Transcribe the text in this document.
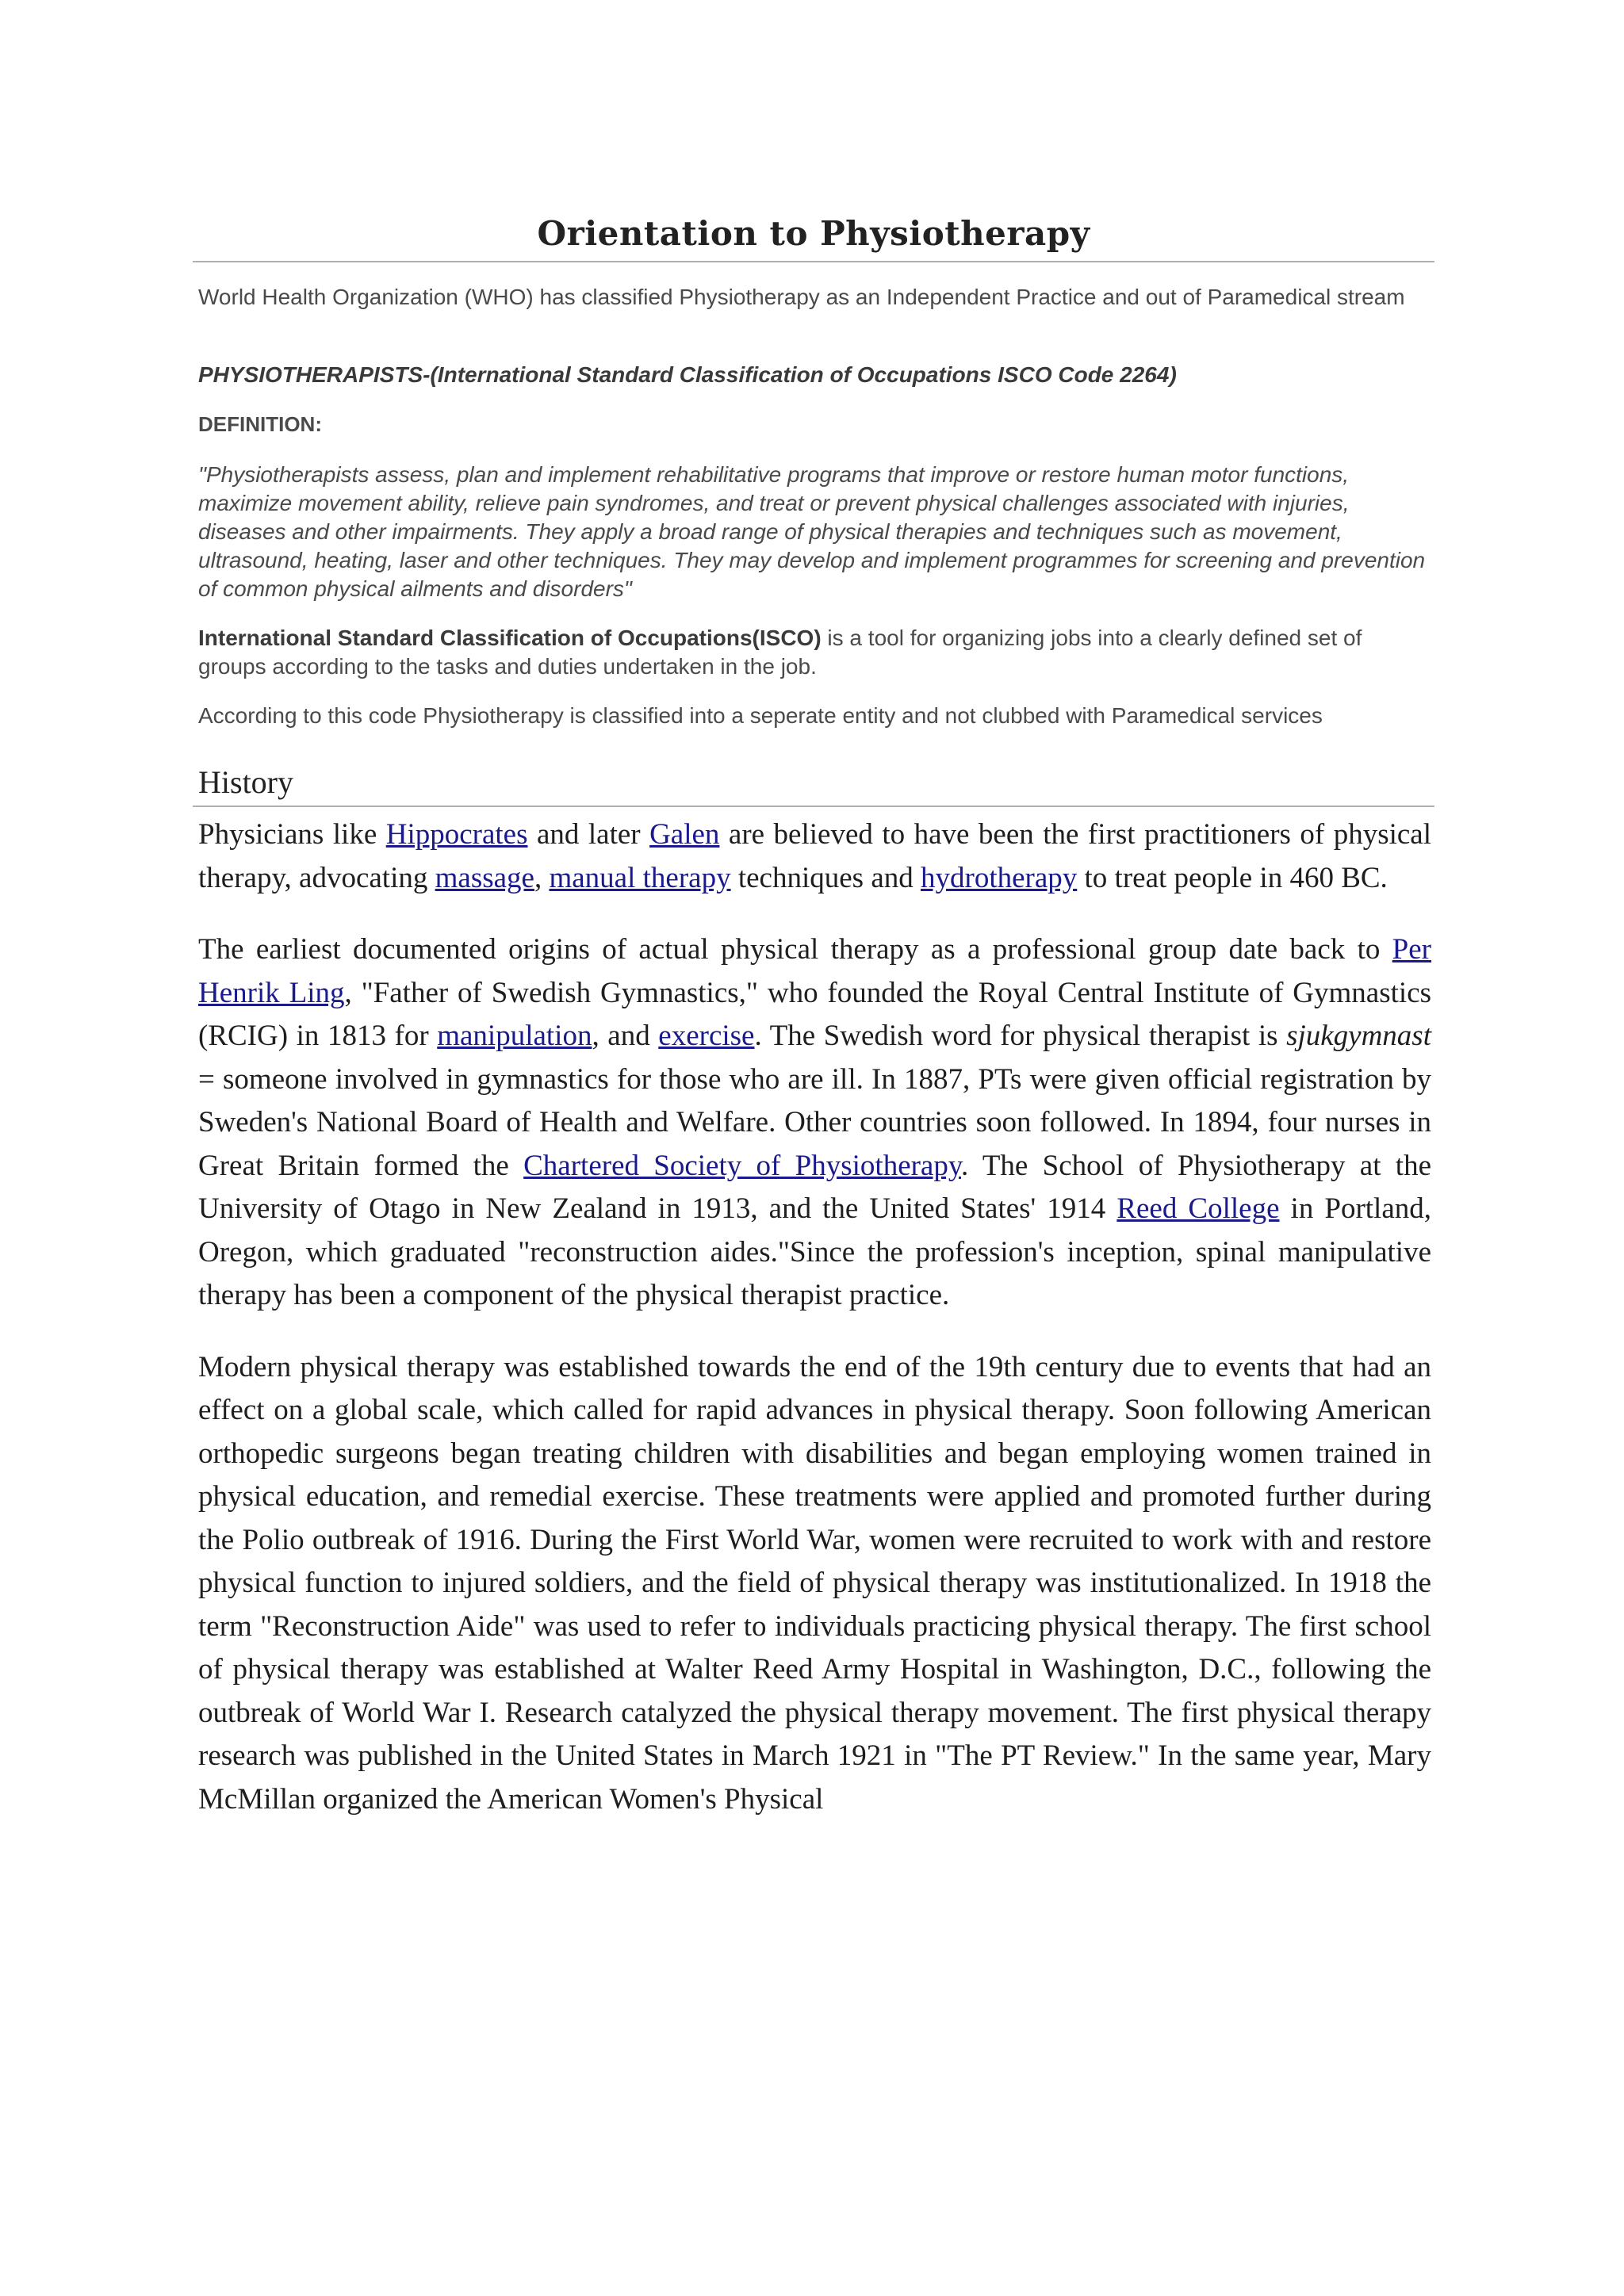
Orientation to Physiotherapy
World Health Organization (WHO) has classified Physiotherapy as an Independent Practice and out of Paramedical stream
PHYSIOTHERAPISTS-(International Standard Classification of Occupations ISCO Code 2264)
DEFINITION:
"Physiotherapists assess, plan and implement rehabilitative programs that improve or restore human motor functions, maximize movement ability, relieve pain syndromes, and treat or prevent physical challenges associated with injuries, diseases and other impairments. They apply a broad range of physical therapies and techniques such as movement, ultrasound, heating, laser and other techniques. They may develop and implement programmes for screening and prevention of common physical ailments and disorders"
International Standard Classification of Occupations(ISCO) is a tool for organizing jobs into a clearly defined set of groups according to the tasks and duties undertaken in the job.
According to this code Physiotherapy is classified into a seperate entity and not clubbed with Paramedical services
History

Physicians like Hippocrates and later Galen are believed to have been the first practitioners of physical therapy, advocating massage, manual therapy techniques and hydrotherapy to treat people in 460 BC.

The earliest documented origins of actual physical therapy as a professional group date back to Per Henrik Ling, "Father of Swedish Gymnastics," who founded the Royal Central Institute of Gymnastics (RCIG) in 1813 for manipulation, and exercise. The Swedish word for physical therapist is sjukgymnast = someone involved in gymnastics for those who are ill. In 1887, PTs were given official registration by Sweden's National Board of Health and Welfare. Other countries soon followed. In 1894, four nurses in Great Britain formed the Chartered Society of Physiotherapy. The School of Physiotherapy at the University of Otago in New Zealand in 1913, and the United States' 1914 Reed College in Portland, Oregon, which graduated "reconstruction aides."Since the profession's inception, spinal manipulative therapy has been a component of the physical therapist practice.

Modern physical therapy was established towards the end of the 19th century due to events that had an effect on a global scale, which called for rapid advances in physical therapy. Soon following American orthopedic surgeons began treating children with disabilities and began employing women trained in physical education, and remedial exercise. These treatments were applied and promoted further during the Polio outbreak of 1916. During the First World War, women were recruited to work with and restore physical function to injured soldiers, and the field of physical therapy was institutionalized. In 1918 the term "Reconstruction Aide" was used to refer to individuals practicing physical therapy. The first school of physical therapy was established at Walter Reed Army Hospital in Washington, D.C., following the outbreak of World War I. Research catalyzed the physical therapy movement. The first physical therapy research was published in the United States in March 1921 in "The PT Review." In the same year, Mary McMillan organized the American Women's Physical
